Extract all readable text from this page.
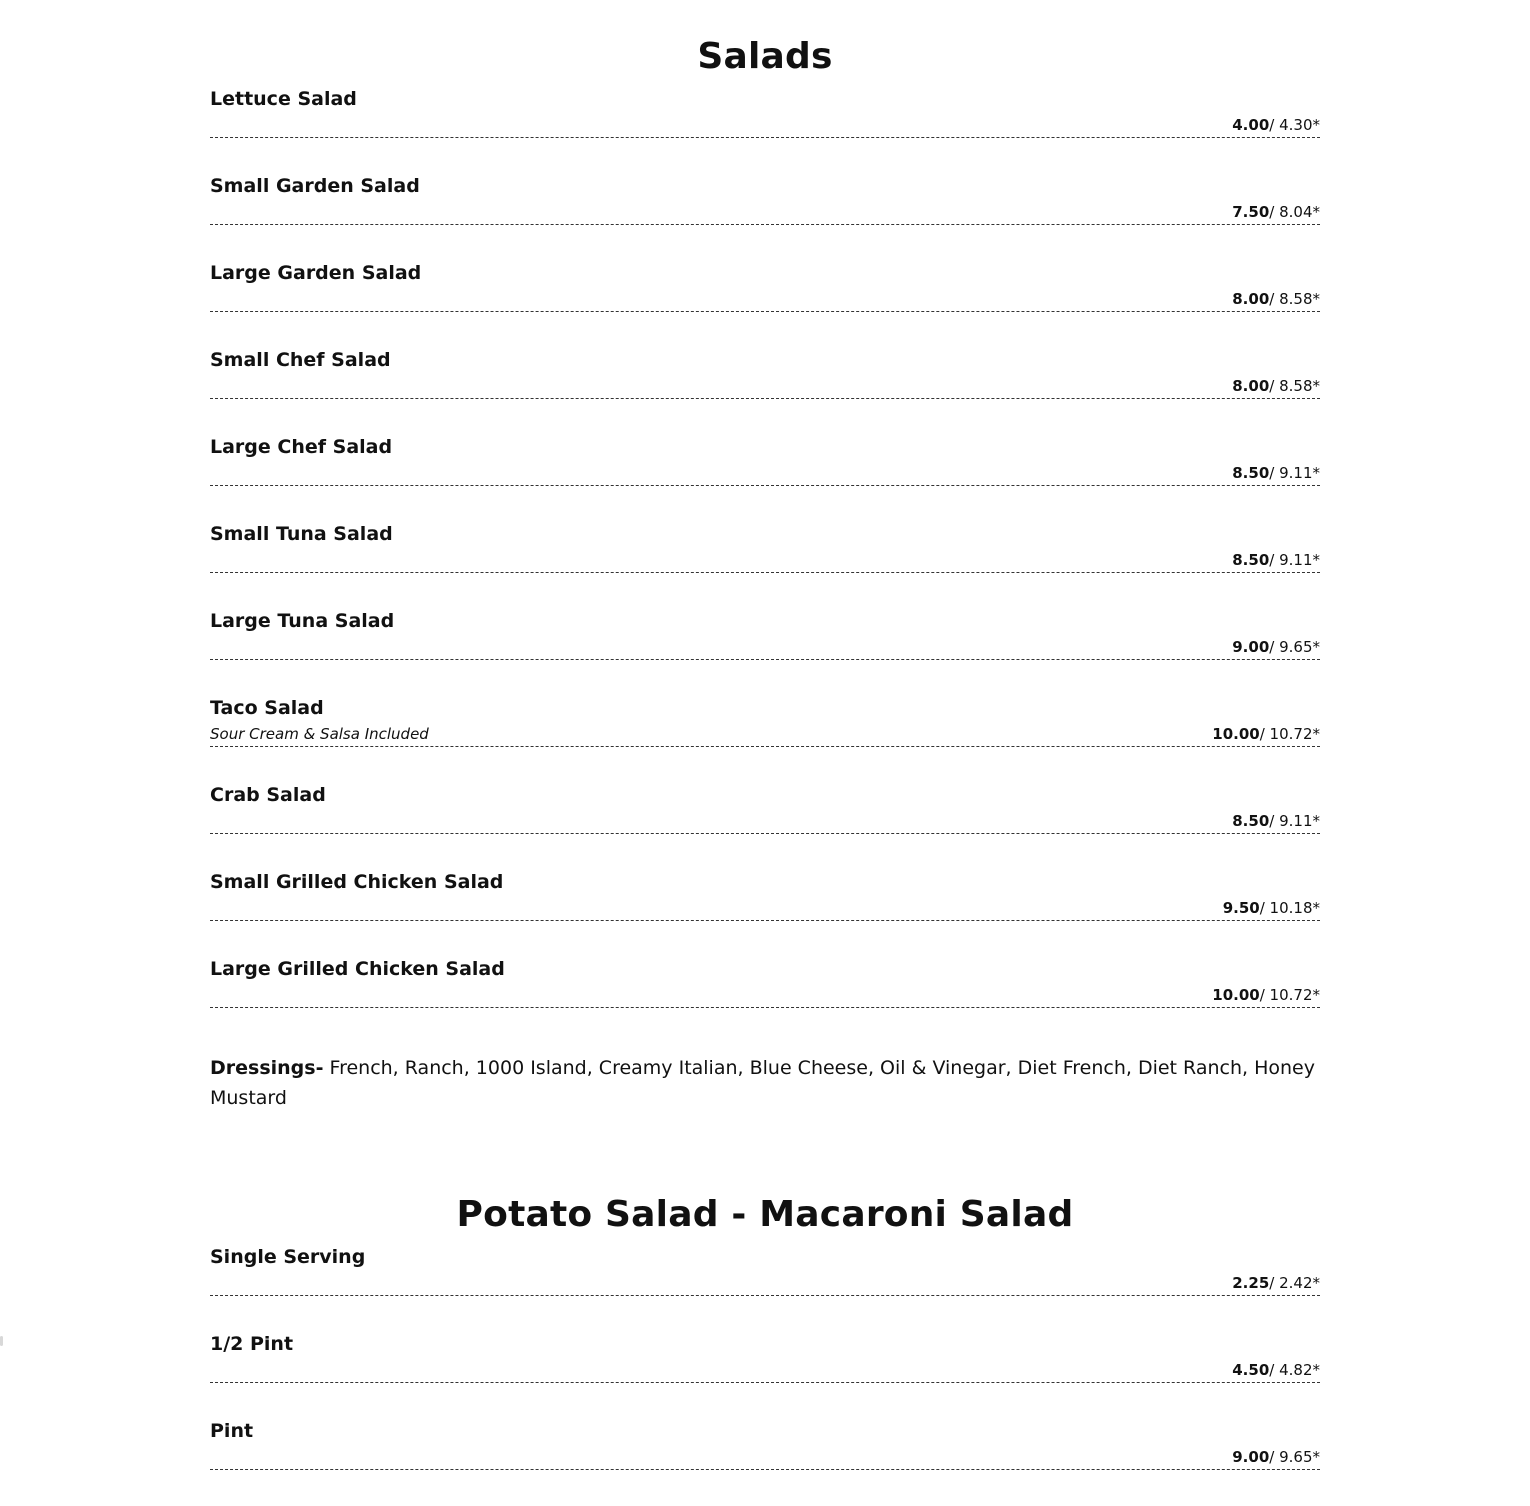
Salads
Lettuce Salad
4.00/ 4.30*
Small Garden Salad
7.50/ 8.04*
Large Garden Salad
8.00/ 8.58*
Small Chef Salad
8.00/ 8.58*
Large Chef Salad
8.50/ 9.11*
Small Tuna Salad
8.50/ 9.11*
Large Tuna Salad
9.00/ 9.65*
Taco Salad
Sour Cream & Salsa Included	10.00/ 10.72*
Crab Salad
8.50/ 9.11*
Small Grilled Chicken Salad
9.50/ 10.18*
Large Grilled Chicken Salad
10.00/ 10.72*

Dressings- French, Ranch, 1000 Island, Creamy Italian, Blue Cheese, Oil & Vinegar, Diet French, Diet Ranch, Honey Mustard

Potato Salad - Macaroni Salad
Single Serving
2.25/ 2.42*
1/2 Pint
4.50/ 4.82*
Pint
9.00/ 9.65*
